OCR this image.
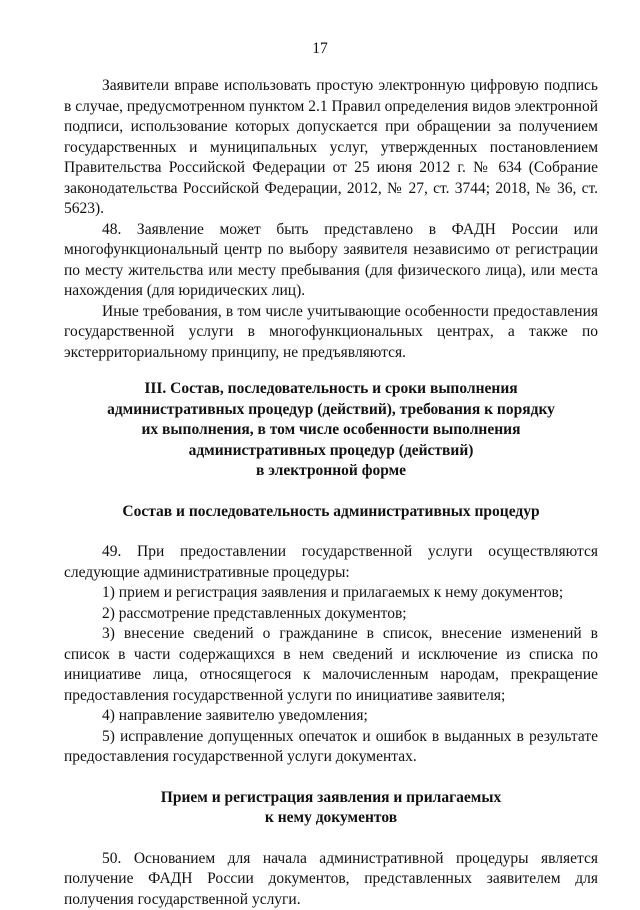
17

Заявители вправе использовать простую электронную цифровую подпись в случае, предусмотренном пунктом 2.1 Правил определения видов электронной подписи, использование которых допускается при обращении за получением государственных и муниципальных услуг, утвержденных постановлением Правительства Российской Федерации от 25 июня 2012 г. № 634 (Собрание законодательства Российской Федерации, 2012, № 27, ст. 3744; 2018, № 36, ст. 5623).

48. Заявление может быть представлено в ФАДН России или многофункциональный центр по выбору заявителя независимо от регистрации по месту жительства или месту пребывания (для физического лица), или места нахождения (для юридических лиц).

Иные требования, в том числе учитывающие особенности предоставления государственной услуги в многофункциональных центрах, а также по экстерриториальному принципу, не предъявляются.

III. Состав, последовательность и сроки выполнения
административных процедур (действий), требования к порядку
их выполнения, в том числе особенности выполнения
административных процедур (действий)
в электронной форме
Состав и последовательность административных процедур

49. При предоставлении государственной услуги осуществляются следующие административные процедуры:

1) прием и регистрация заявления и прилагаемых к нему документов;

2) рассмотрение представленных документов;

3) внесение сведений о гражданине в список, внесение изменений в список в части содержащихся в нем сведений и исключение из списка по инициативе лица, относящегося к малочисленным народам, прекращение предоставления государственной услуги по инициативе заявителя;

4) направление заявителю уведомления;

5) исправление допущенных опечаток и ошибок в выданных в результате предоставления государственной услуги документах.

Прием и регистрация заявления и прилагаемых
к нему документов

50. Основанием для начала административной процедуры является получение ФАДН России документов, представленных заявителем для получения государственной услуги.
